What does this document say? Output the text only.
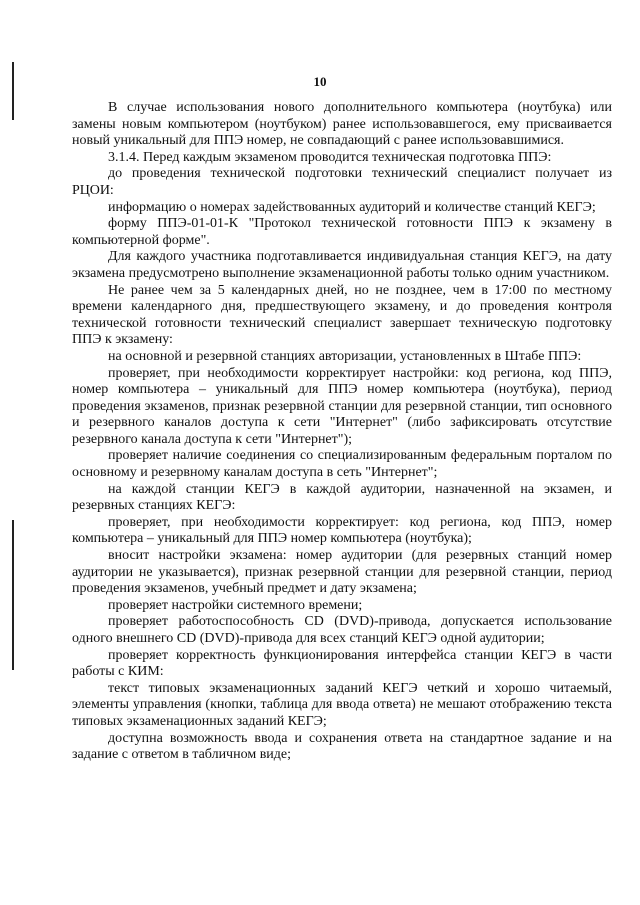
10

В случае использования нового дополнительного компьютера (ноутбука) или замены новым компьютером (ноутбуком) ранее использовавшегося, ему присваивается новый уникальный для ППЭ номер, не совпадающий с ранее использовавшимися.

3.1.4. Перед каждым экзаменом проводится техническая подготовка ППЭ:

до проведения технической подготовки технический специалист получает из РЦОИ:

информацию о номерах задействованных аудиторий и количестве станций КЕГЭ;

форму ППЭ-01-01-К "Протокол технической готовности ППЭ к экзамену в компьютерной форме".

Для каждого участника подготавливается индивидуальная станция КЕГЭ, на дату экзамена предусмотрено выполнение экзаменационной работы только одним участником.

Не ранее чем за 5 календарных дней, но не позднее, чем в 17:00 по местному времени календарного дня, предшествующего экзамену, и до проведения контроля технической готовности технический специалист завершает техническую подготовку ППЭ к экзамену:

на основной и резервной станциях авторизации, установленных в Штабе ППЭ:

проверяет, при необходимости корректирует настройки: код региона, код ППЭ, номер компьютера – уникальный для ППЭ номер компьютера (ноутбука), период проведения экзаменов, признак резервной станции для резервной станции, тип основного и резервного каналов доступа к сети "Интернет" (либо зафиксировать отсутствие резервного канала доступа к сети "Интернет");

проверяет наличие соединения со специализированным федеральным порталом по основному и резервному каналам доступа в сеть "Интернет";

на каждой станции КЕГЭ в каждой аудитории, назначенной на экзамен, и резервных станциях КЕГЭ:

проверяет, при необходимости корректирует: код региона, код ППЭ, номер компьютера – уникальный для ППЭ номер компьютера (ноутбука);

вносит настройки экзамена: номер аудитории (для резервных станций номер аудитории не указывается), признак резервной станции для резервной станции, период проведения экзаменов, учебный предмет и дату экзамена;

проверяет настройки системного времени;

проверяет работоспособность CD (DVD)-привода, допускается использование одного внешнего CD (DVD)-привода для всех станций КЕГЭ одной аудитории;

проверяет корректность функционирования интерфейса станции КЕГЭ в части работы с КИМ:

текст типовых экзаменационных заданий КЕГЭ четкий и хорошо читаемый, элементы управления (кнопки, таблица для ввода ответа) не мешают отображению текста типовых экзаменационных заданий КЕГЭ;

доступна возможность ввода и сохранения ответа на стандартное задание и на задание с ответом в табличном виде;
